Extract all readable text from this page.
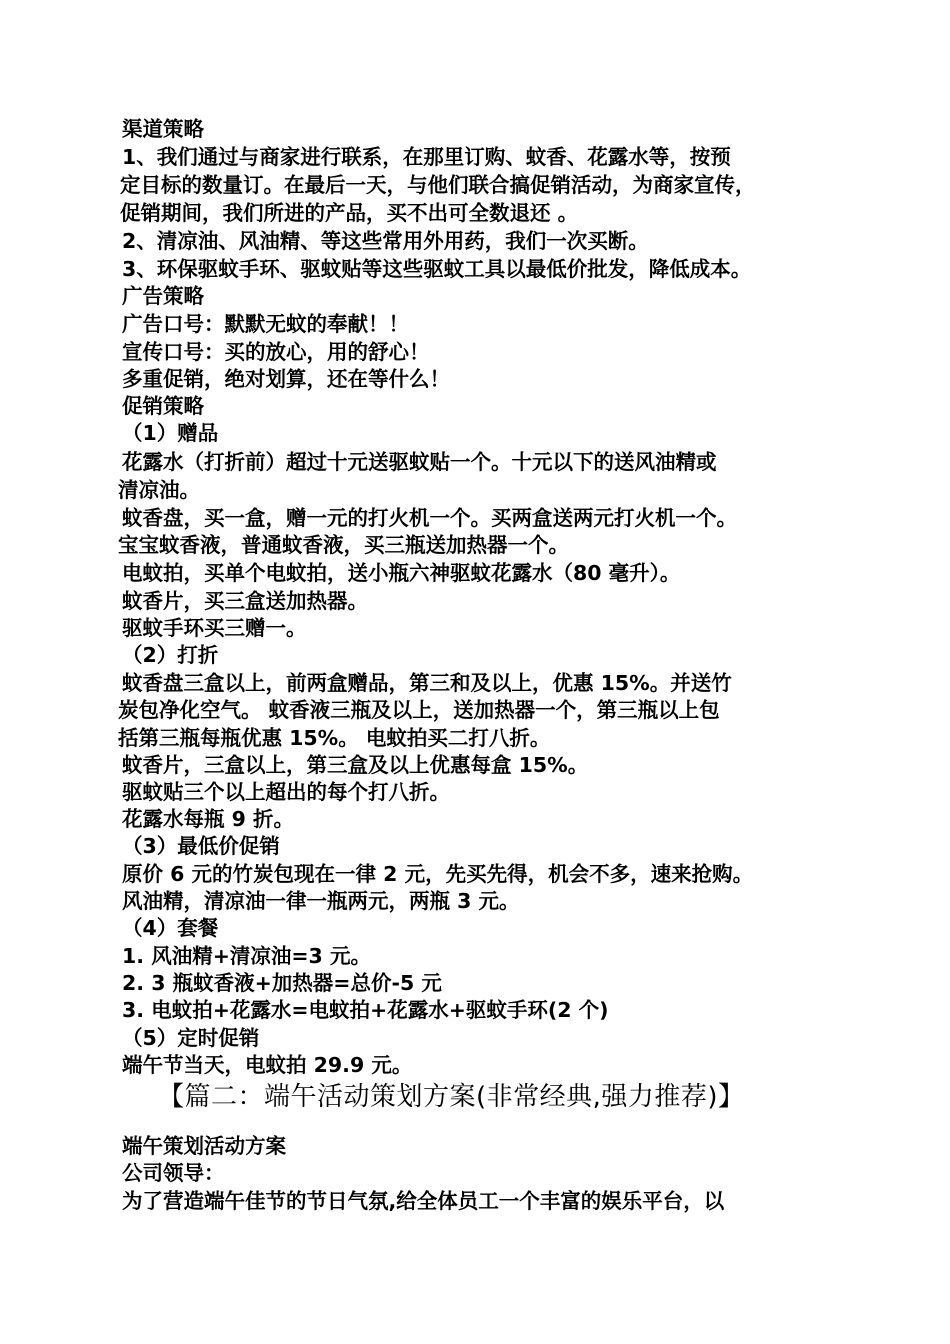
渠道策略
1、我们通过与商家进行联系，在那里订购、蚊香、花露水等，按预
定目标的数量订。在最后一天，与他们联合搞促销活动，为商家宣传，
促销期间，我们所进的产品，买不出可全数退还 。
2、清凉油、风油精、等这些常用外用药，我们一次买断。
3、环保驱蚊手环、驱蚊贴等这些驱蚊工具以最低价批发，降低成本。
广告策略
广告口号：默默无蚊的奉献！！
宣传口号：买的放心，用的舒心！
多重促销，绝对划算，还在等什么！
促销策略
（1）赠品
花露水（打折前）超过十元送驱蚊贴一个。十元以下的送风油精或
清凉油。
蚊香盘，买一盒，赠一元的打火机一个。买两盒送两元打火机一个。
宝宝蚊香液，普通蚊香液，买三瓶送加热器一个。
电蚊拍，买单个电蚊拍，送小瓶六神驱蚊花露水（80 毫升）。
蚊香片，买三盒送加热器。
驱蚊手环买三赠一。
（2）打折
蚊香盘三盒以上，前两盒赠品，第三和及以上，优惠 15%。并送竹
炭包净化空气。 蚊香液三瓶及以上，送加热器一个，第三瓶以上包
括第三瓶每瓶优惠 15%。 电蚊拍买二打八折。
蚊香片，三盒以上，第三盒及以上优惠每盒 15%。
驱蚊贴三个以上超出的每个打八折。
花露水每瓶 9 折。
（3）最低价促销
原价 6 元的竹炭包现在一律 2 元，先买先得，机会不多，速来抢购。
风油精，清凉油一律一瓶两元，两瓶 3 元。
（4）套餐
1. 风油精+清凉油=3 元。
2. 3 瓶蚊香液+加热器=总价-5 元
3. 电蚊拍+花露水=电蚊拍+花露水+驱蚊手环(2 个)
（5）定时促销
端午节当天，电蚊拍 29.9 元。
【篇二：端午活动策划方案(非常经典,强力推荐)】
端午策划活动方案
公司领导：
为了营造端午佳节的节日气氛,给全体员工一个丰富的娱乐平台，以
